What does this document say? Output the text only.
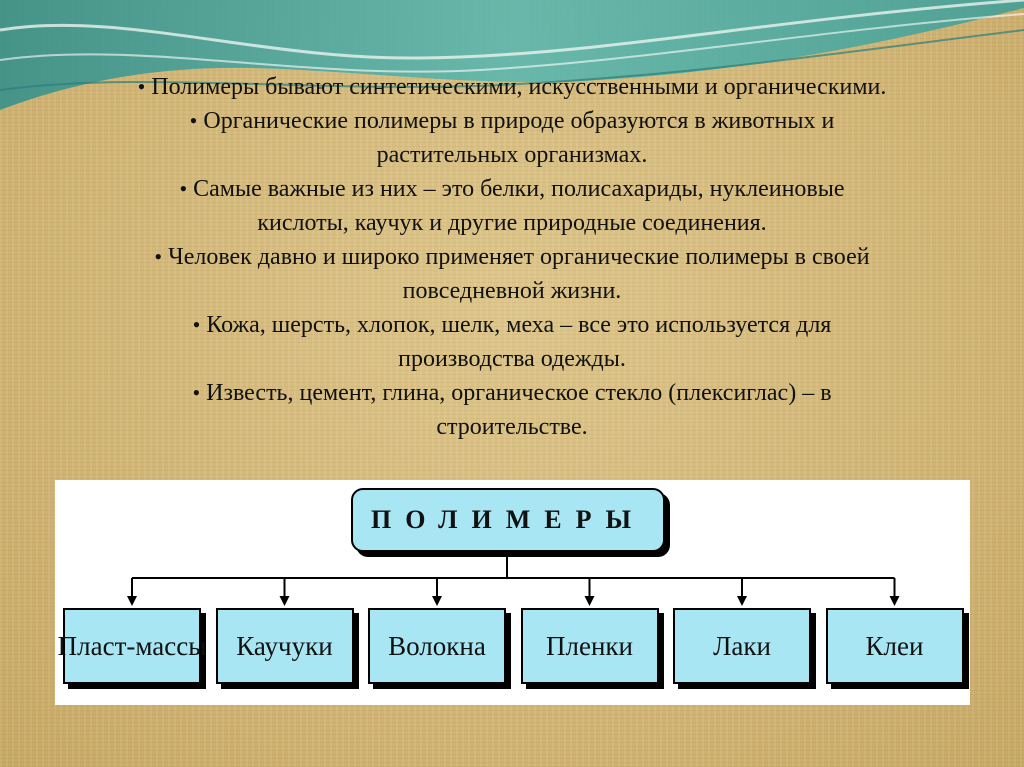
• Полимеры бывают синтетическими, искусственными и органическими.
• Органические полимеры в природе образуются в животных и
растительных организмах.
• Самые важные из них – это белки, полисахариды, нуклеиновые
кислоты, каучук и другие природные соединения.
• Человек давно и широко применяет органические полимеры в своей
повседневной жизни.
• Кожа, шерсть, хлопок, шелк, меха – все это используется для
производства одежды.
• Известь, цемент, глина, органическое стекло (плексиглас) – в
строительстве.
ПОЛИМЕРЫ
Пласт- массы Каучуки Волокна Пленки	Лаки	Клеи
